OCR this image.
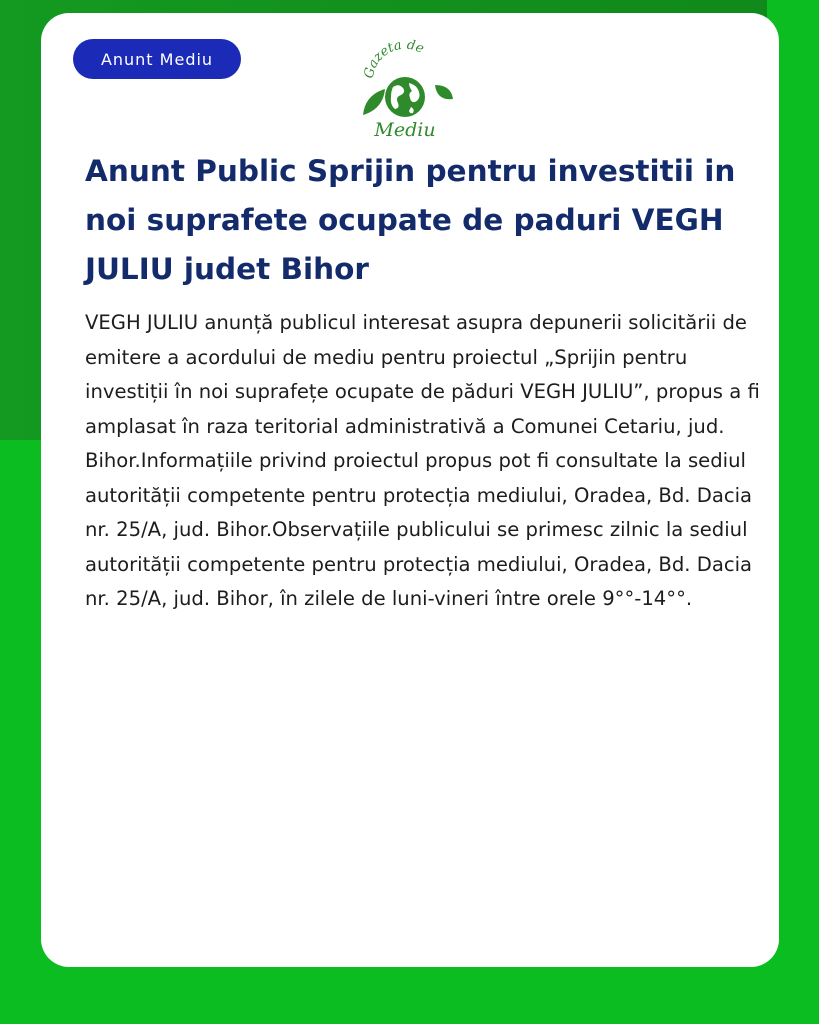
Anunt Mediu
Gazeta de
Mediu
Anunt Public Sprijin pentru investitii in noi suprafete ocupate de paduri VEGH JULIU judet Bihor

VEGH JULIU anunță publicul interesat asupra depunerii solicitării de emitere a acordului de mediu pentru proiectul „Sprijin pentru investiții în noi suprafețe ocupate de păduri VEGH JULIU”, propus a fi amplasat în raza teritorial administrativă a Comunei Cetariu, jud. Bihor.Informațiile privind proiectul propus pot fi consultate la sediul autorității competente pentru protecția mediului, Oradea, Bd. Dacia nr. 25/A, jud. Bihor.Observațiile publicului se primesc zilnic la sediul autorității competente pentru protecția mediului, Oradea, Bd. Dacia nr. 25/A, jud. Bihor, în zilele de luni-vineri între orele 9°°-14°°.
